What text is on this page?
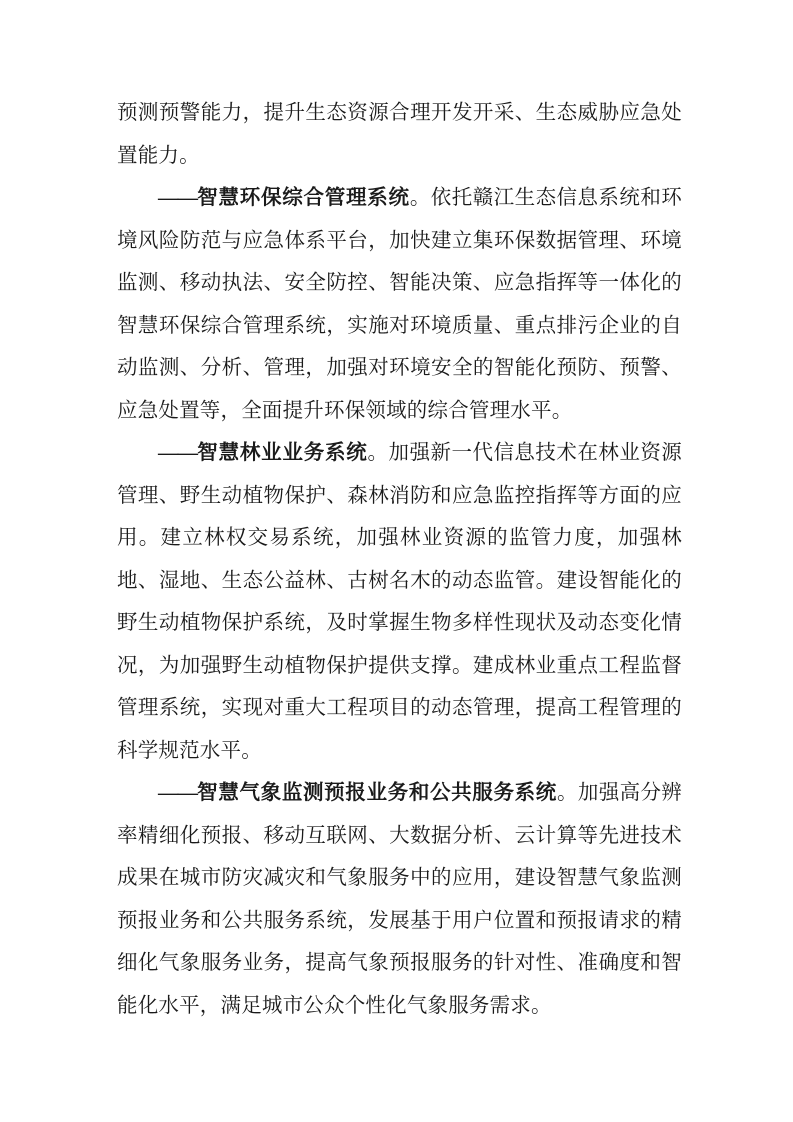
预测预警能力，提升生态资源合理开发开采、生态威胁应急处置能力。

——智慧环保综合管理系统。依托赣江生态信息系统和环境风险防范与应急体系平台，加快建立集环保数据管理、环境监测、移动执法、安全防控、智能决策、应急指挥等一体化的智慧环保综合管理系统，实施对环境质量、重点排污企业的自动监测、分析、管理，加强对环境安全的智能化预防、预警、应急处置等，全面提升环保领域的综合管理水平。

——智慧林业业务系统。加强新一代信息技术在林业资源管理、野生动植物保护、森林消防和应急监控指挥等方面的应用。建立林权交易系统，加强林业资源的监管力度，加强林地、湿地、生态公益林、古树名木的动态监管。建设智能化的野生动植物保护系统，及时掌握生物多样性现状及动态变化情况，为加强野生动植物保护提供支撑。建成林业重点工程监督管理系统，实现对重大工程项目的动态管理，提高工程管理的科学规范水平。

——智慧气象监测预报业务和公共服务系统。加强高分辨率精细化预报、移动互联网、大数据分析、云计算等先进技术成果在城市防灾减灾和气象服务中的应用，建设智慧气象监测预报业务和公共服务系统，发展基于用户位置和预报请求的精细化气象服务业务，提高气象预报服务的针对性、准确度和智能化水平，满足城市公众个性化气象服务需求。
